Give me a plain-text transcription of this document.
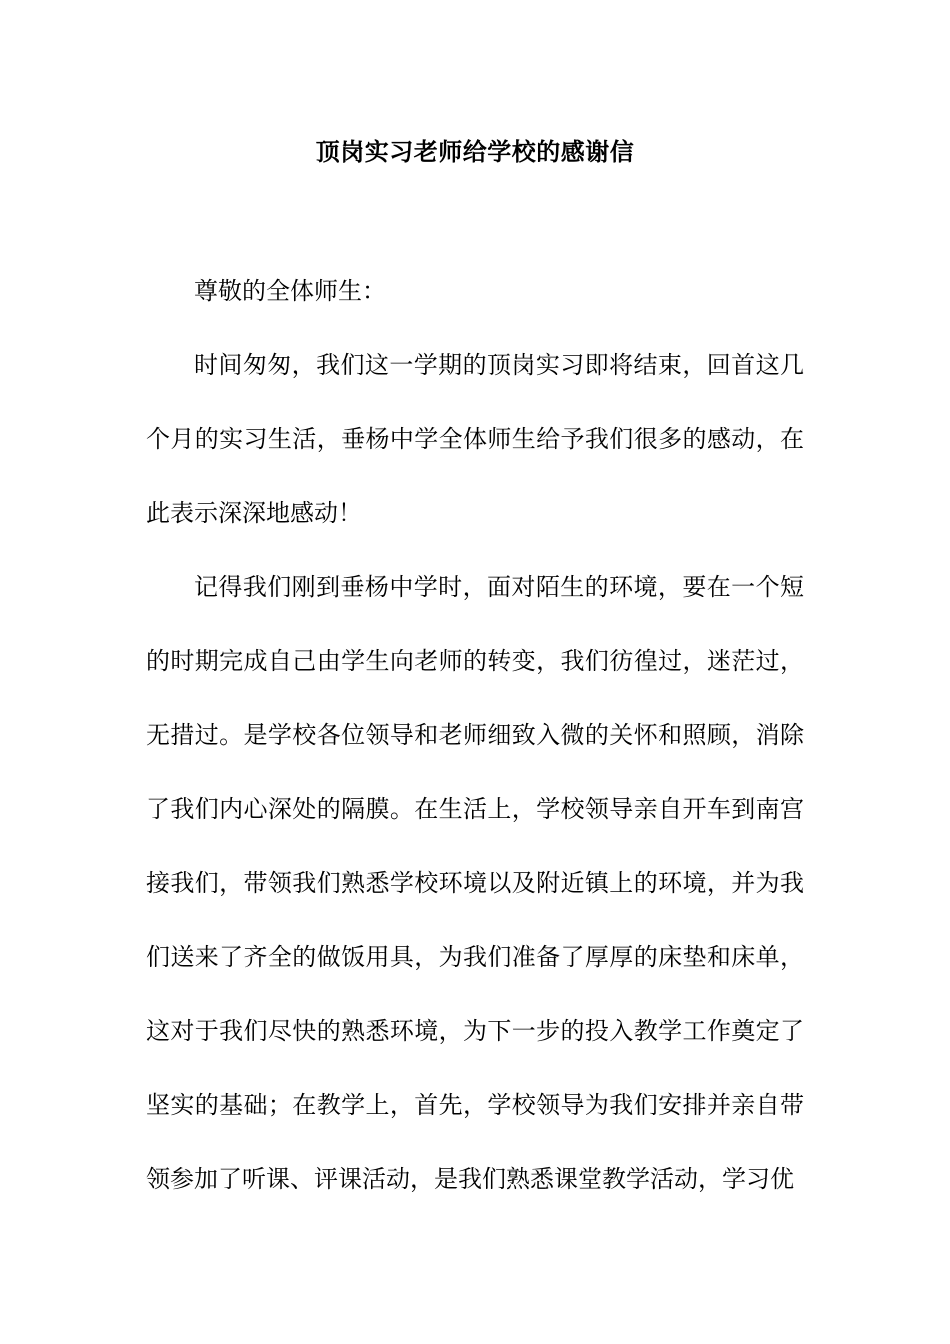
顶岗实习老师给学校的感谢信

尊敬的全体师生：

时间匆匆，我们这一学期的顶岗实习即将结束，回首这几个月的实习生活，垂杨中学全体师生给予我们很多的感动，在此表示深深地感动！

记得我们刚到垂杨中学时，面对陌生的环境，要在一个短的时期完成自己由学生向老师的转变，我们彷徨过，迷茫过，无措过。是学校各位领导和老师细致入微的关怀和照顾，消除了我们内心深处的隔膜。在生活上，学校领导亲自开车到南宫接我们，带领我们熟悉学校环境以及附近镇上的环境，并为我们送来了齐全的做饭用具，为我们准备了厚厚的床垫和床单，这对于我们尽快的熟悉环境，为下一步的投入教学工作奠定了坚实的基础；在教学上，首先，学校领导为我们安排并亲自带领参加了听课、评课活动，是我们熟悉课堂教学活动，学习优
